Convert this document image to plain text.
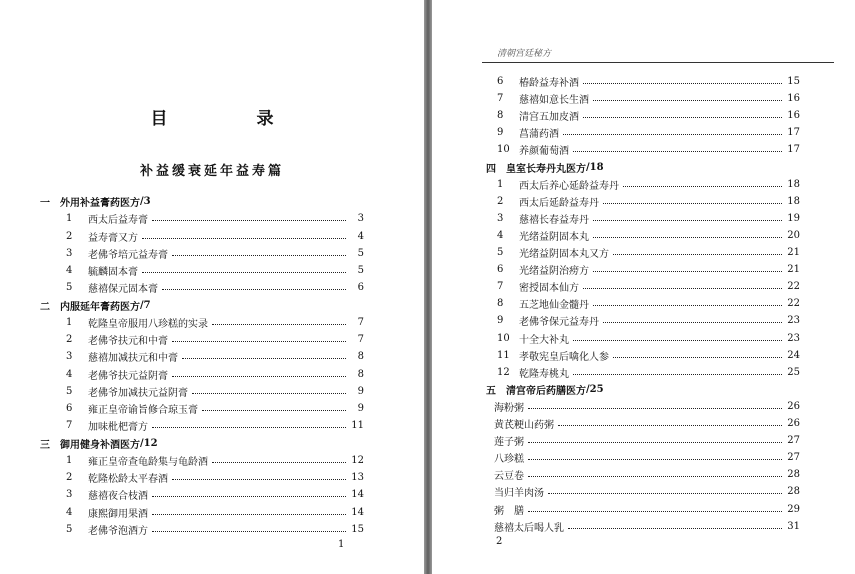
目　录
补益缓衰延年益寿篇
清朝宫廷秘方
一	外用补益膏药医方 /3
1	西太后益寿膏	3
2	益寿膏又方	4
3	老佛爷培元益寿膏	5
4	毓麟固本膏	5
5	慈禧保元固本膏	6
二	内服延年膏药医方 /7
1	乾隆皇帝服用八珍糕的实录	7
2	老佛爷扶元和中膏	7
3	慈禧加减扶元和中膏	8
4	老佛爷扶元益阴膏	8
5	老佛爷加减扶元益阴膏	9
6	雍正皇帝谕旨修合琼玉膏	9
7	加味枇杷膏方	11
三	御用健身补酒医方 /12
1	雍正皇帝查龟龄集与龟龄酒	12
2	乾隆松龄太平春酒	13
3	慈禧夜合枝酒	14
4	康熙御用果酒	14
5	老佛爷泡酒方	15
6	椿龄益寿补酒	15
7	慈禧如意长生酒	16
8	清宫五加皮酒	16
9	菖蒲药酒	17
10 养颜葡萄酒	17
四	皇室长寿丹丸医方 /18
1	西太后养心延龄益寿丹	18
2	西太后延龄益寿丹	18
3	慈禧长春益寿丹	19
4	光绪益阴固本丸	20
5	光绪益阴固本丸又方	21
6	光绪益阴治痨方	21
7	密授固本仙方	22
8	五芝地仙金髓丹	22
9	老佛爷保元益寿丹	23
10 十全大补丸	23
11 孝敬宪皇后噙化人参	24
12 乾隆寿桃丸	25
五	清宫帝后药膳医方 /25
海粉粥	26
黄芪粳山药粥	26
莲子粥	27
八珍糕	27
云豆卷	28
当归羊肉汤	28
粥　膳	29
慈禧太后喝人乳	31
1	2
